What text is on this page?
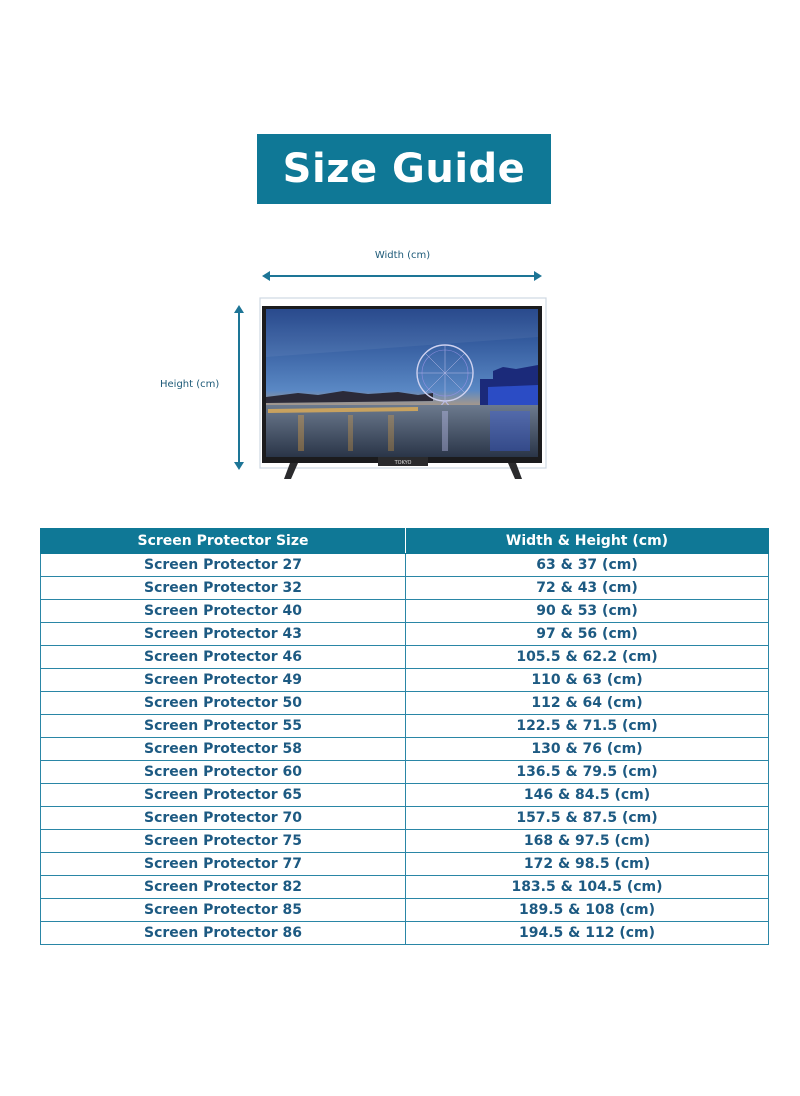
Size Guide
Width (cm)
Height (cm)
TOKYO
Screen Protector Size	Width & Height (cm)
Screen Protector 27	63 & 37 (cm)
Screen Protector 32	72 & 43 (cm)
Screen Protector 40	90 & 53 (cm)
Screen Protector 43	97 & 56 (cm)
Screen Protector 46	105.5 & 62.2 (cm)
Screen Protector 49	110 & 63 (cm)
Screen Protector 50	112 & 64 (cm)
Screen Protector 55	122.5 & 71.5 (cm)
Screen Protector 58	130 & 76 (cm)
Screen Protector 60	136.5 & 79.5 (cm)
Screen Protector 65	146 & 84.5 (cm)
Screen Protector 70	157.5 & 87.5 (cm)
Screen Protector 75	168 & 97.5 (cm)
Screen Protector 77	172 & 98.5 (cm)
Screen Protector 82	183.5 & 104.5 (cm)
Screen Protector 85	189.5 & 108 (cm)
Screen Protector 86	194.5 & 112 (cm)
